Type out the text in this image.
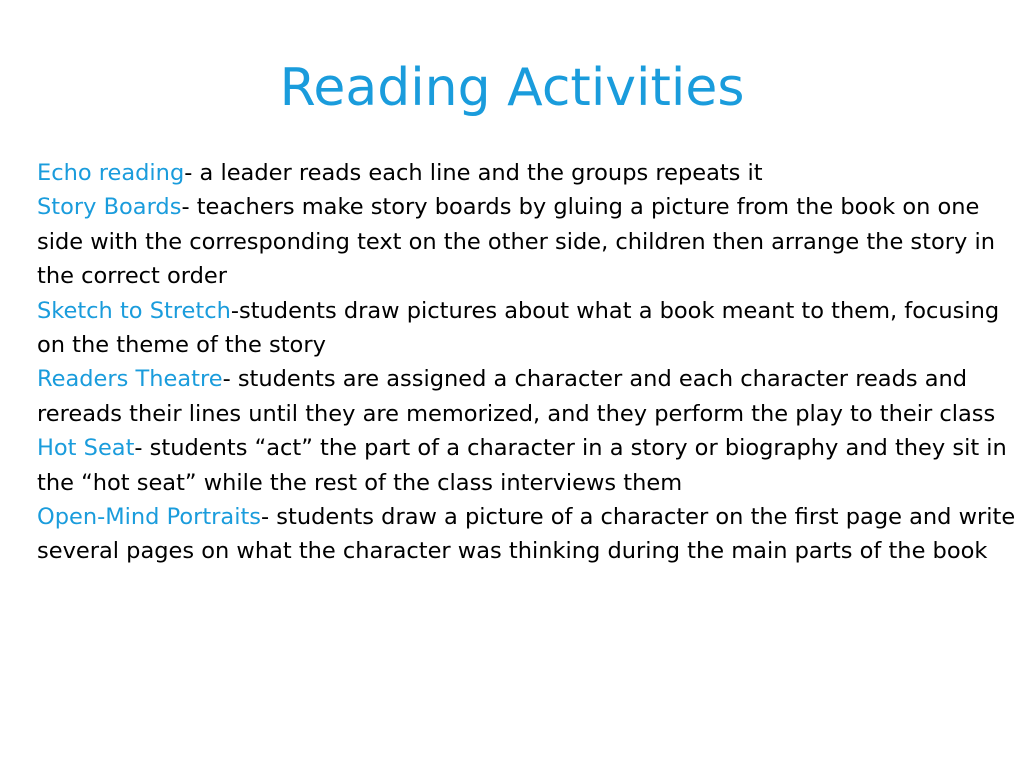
Reading Activities

Echo reading- a leader reads each line and the groups repeats it

Story Boards- teachers make story boards by gluing a picture from the book on one side with the corresponding text on the other side, children then arrange the story in the correct order

Sketch to Stretch-students draw pictures about what a book meant to them, focusing on the theme of the story

Readers Theatre- students are assigned a character and each character reads and rereads their lines until they are memorized, and they perform the play to their class

Hot Seat- students “act” the part of a character in a story or biography and they sit in the “hot seat” while the rest of the class interviews them

Open-Mind Portraits- students draw a picture of a character on the first page and write several pages on what the character was thinking during the main parts of the book
